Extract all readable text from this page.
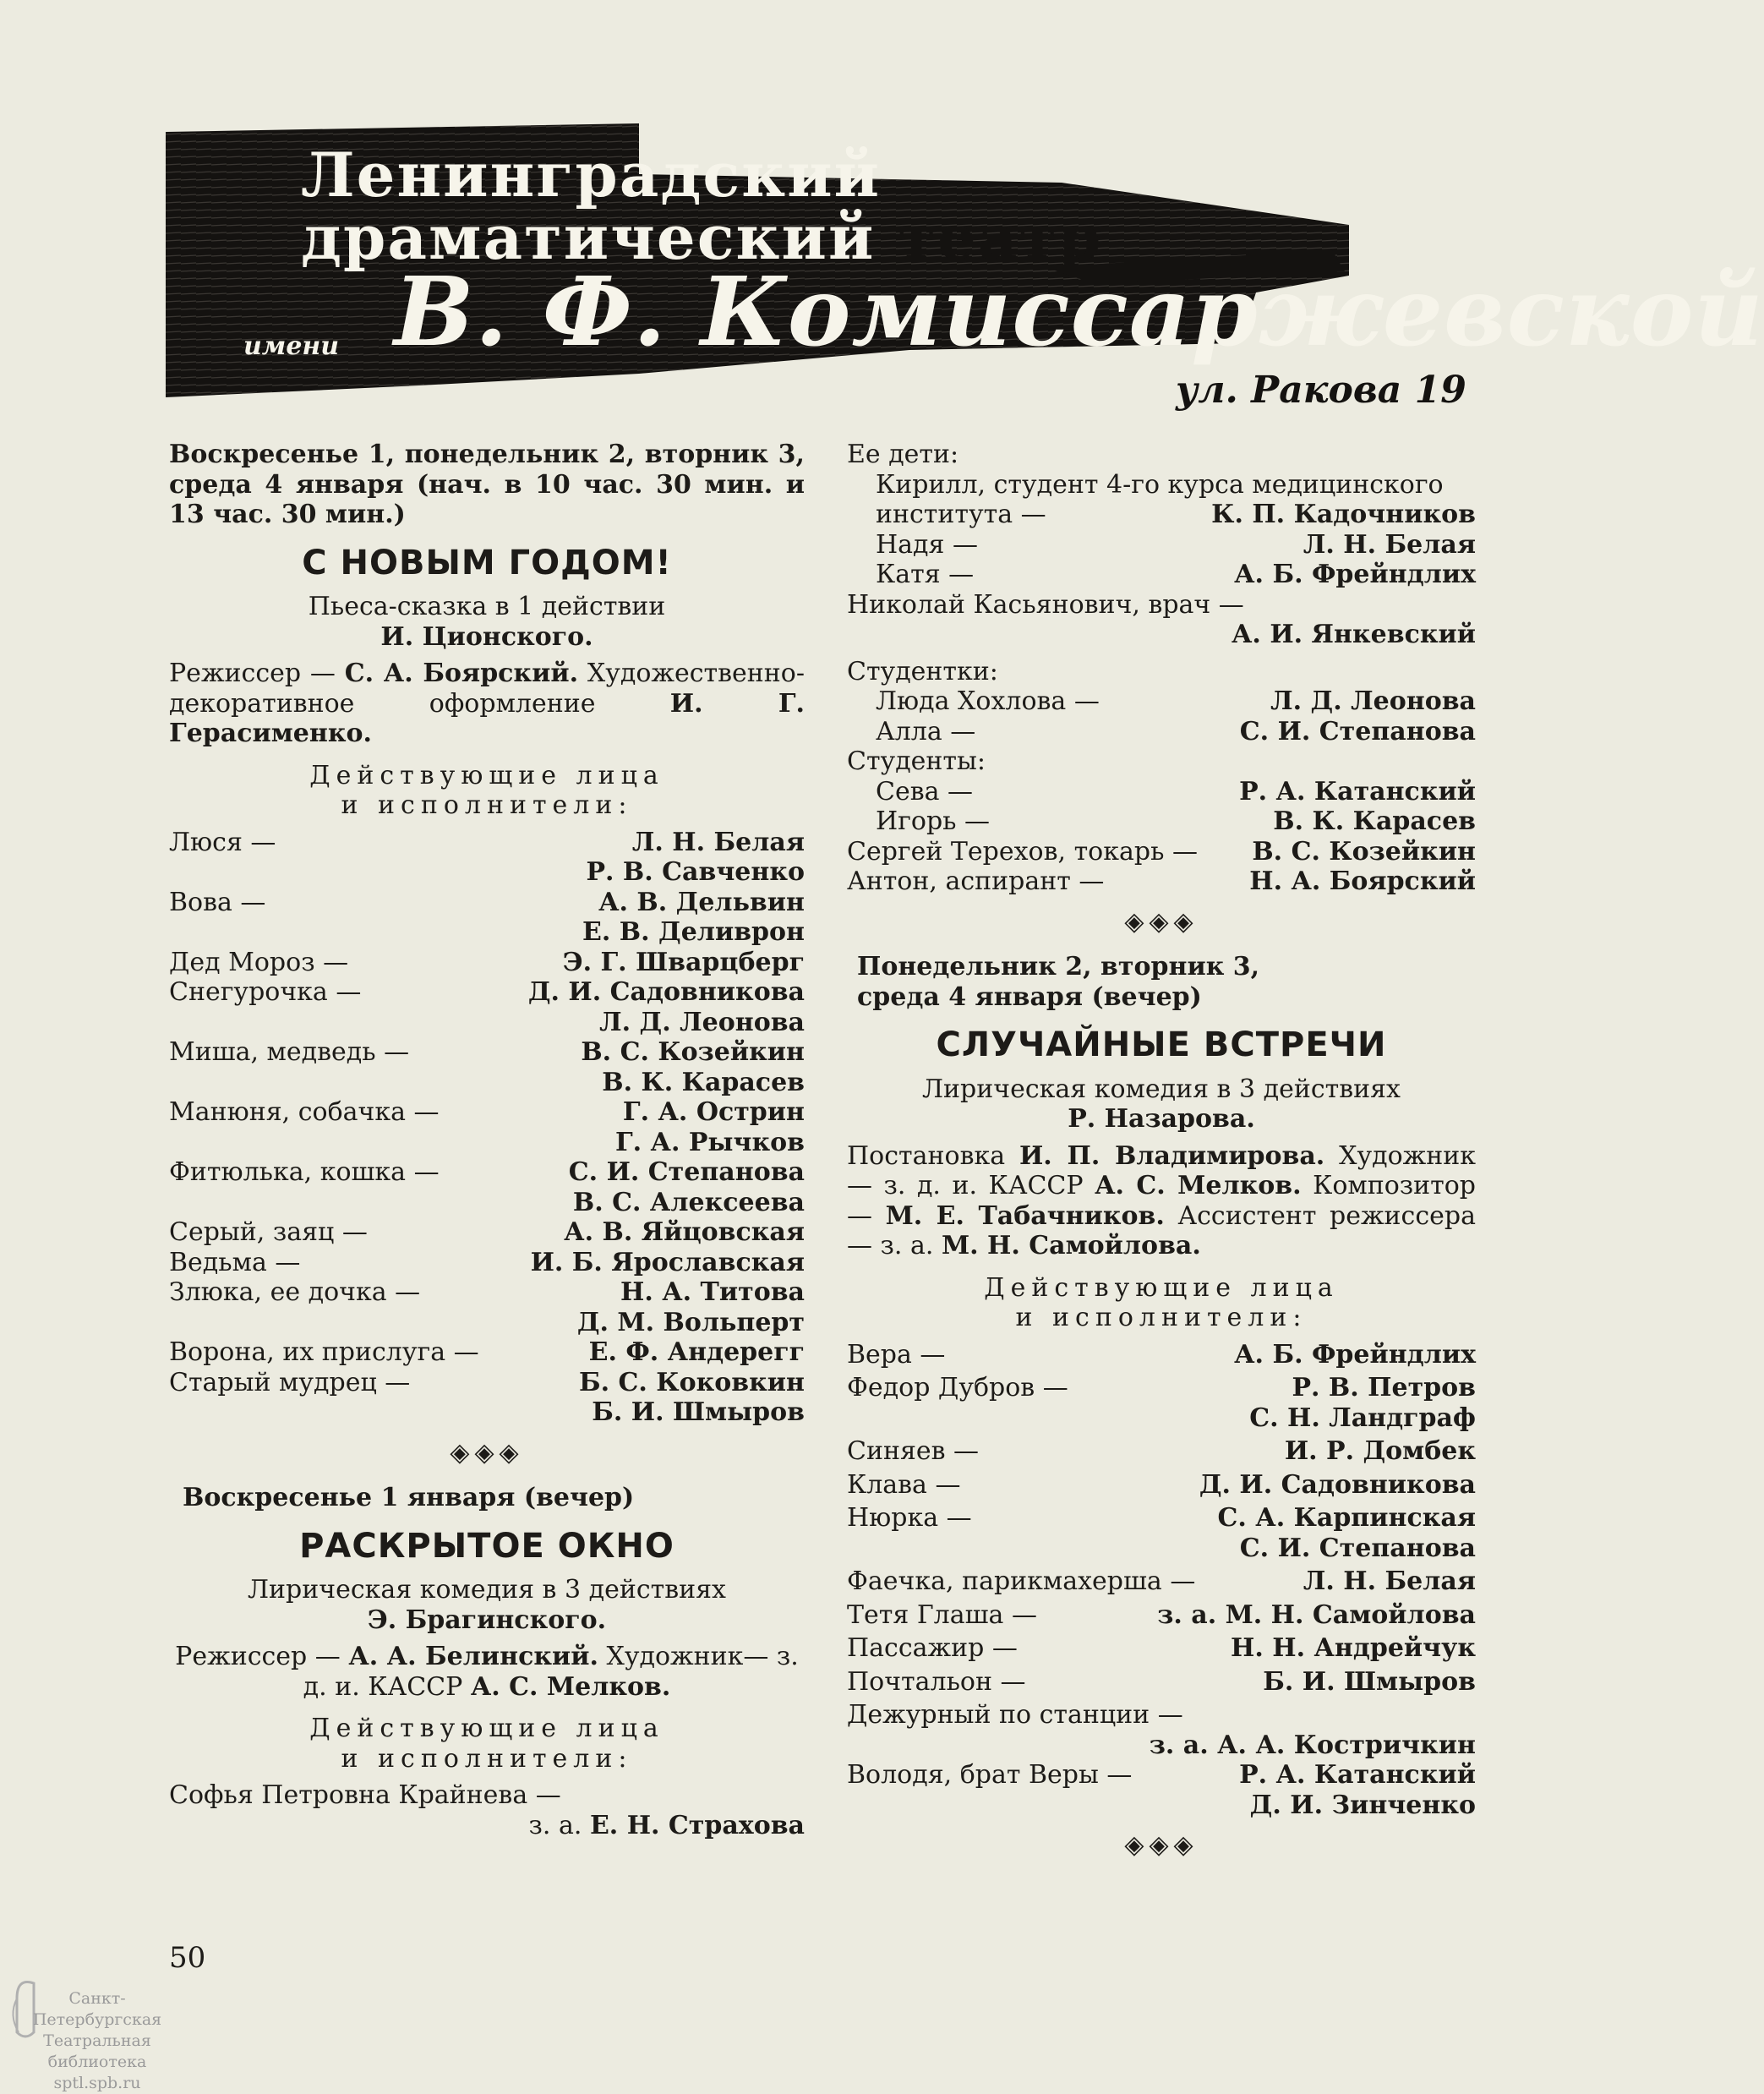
Ленинградский
драматический театр
имени В. Ф. Комиссаржевской
ул. Ракова 19

Воскресенье 1, понедельник 2, вторник 3, среда 4 января (нач. в 10 час. 30 мин. и 13 час. 30 мин.)

С НОВЫМ ГОДОМ!
Пьеса-сказка в 1 действии
И. Ционского.

Режиссер — С. А. Боярский. Художественно-декоративное оформление И. Г. Герасименко.

Действующие лица
и исполнители:
Люся —	Л. Н. Белая
Р. В. Савченко
Вова —	А. В. Дельвин
Е. В. Деливрон
Дед Мороз —	Э. Г. Шварцберг
Снегурочка —	Д. И. Садовникова
Л. Д. Леонова
Миша, медведь —	В. С. Козейкин
В. К. Карасев
Манюня, собачка —	Г. А. Острин
Г. А. Рычков
Фитюлька, кошка —	С. И. Степанова
В. С. Алексеева
Серый, заяц —	А. В. Яйцовская
Ведьма —	И. Б. Ярославская
Злюка, ее дочка —	Н. А. Титова
Д. М. Вольперт
Ворона, их прислуга —	Е. Ф. Андерегг
Старый мудрец —	Б. С. Коковкин
Б. И. Шмыров
◈◈◈
Воскресенье 1 января (вечер)
РАСКРЫТОЕ ОКНО
Лирическая комедия в 3 действиях
Э. Брагинского.

Режиссер — А. А. Белинский. Художник— з. д. и. КАССР А. С. Мелков.

Действующие лица
и исполнители:
Софья Петровна Крайнева —
з. а. Е. Н. Страхова
Ее дети:
Кирилл, студент 4-го курса медицинского
института —	К. П. Кадочников
Надя —	Л. Н. Белая
Катя —	А. Б. Фрейндлих
Николай Касьянович, врач —
А. И. Янкевский
Студентки:
Люда Хохлова —	Л. Д. Леонова
Алла —	С. И. Степанова
Студенты:
Сева —	Р. А. Катанский
Игорь —	В. К. Карасев
Сергей Терехов, токарь — В. С. Козейкин
Антон, аспирант —	Н. А. Боярский
◈◈◈
Понедельник 2, вторник 3, среда 4 января (вечер)
СЛУЧАЙНЫЕ ВСТРЕЧИ
Лирическая комедия в 3 действиях
Р. Назарова.

Постановка И. П. Владимирова. Художник — з. д. и. КАССР А. С. Мелков. Композитор — М. Е. Табачников. Ассистент режиссера — з. а. М. Н. Самойлова.

Действующие лица
и исполнители:
Вера —	А. Б. Фрейндлих
Федор Дубров —	Р. В. Петров
С. Н. Ландграф
Синяев —	И. Р. Домбек
Клава —	Д. И. Садовникова
Нюрка —	С. А. Карпинская
С. И. Степанова
Фаечка, парикмахерша —	Л. Н. Белая
Тетя Глаша —	з. а. М. Н. Самойлова
Пассажир —	Н. Н. Андрейчук
Почтальон —	Б. И. Шмыров
Дежурный по станции —
з. а. А. А. Костричкин
Володя, брат Веры —	Р. А. Катанский
Д. И. Зинченко
◈◈◈
50
Санкт-Петербургская
Театральная
библиотека
sptl.spb.ru
